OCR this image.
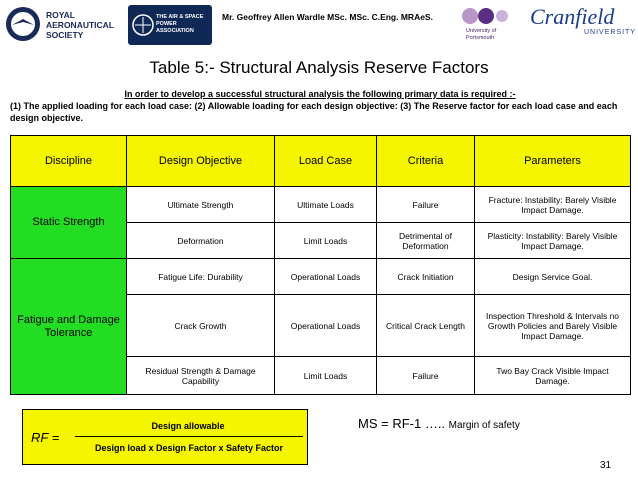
ROYAL
AERONAUTICAL
SOCIETY
THE AIR & SPACE
POWER ASSOCIATION
Mr. Geoffrey Allen Wardle MSc. MSc. C.Eng. MRAeS.
University of
Portsmouth
Cranfield
UNIVERSITY
Table 5:- Structural Analysis Reserve Factors
In order to develop a successful structural analysis the following primary data is required :-
(1) The applied loading for each load case: (2) Allowable loading for each design objective: (3) The Reserve factor for each load case and each design objective.
Discipline	Design Objective	Load Case	Criteria	Parameters
Static Strength	Ultimate Strength	Ultimate Loads	Failure	Fracture: Instability: Barely Visible Impact Damage.
	Deformation	Limit Loads	Detrimental of Deformation	Plasticity: Instability: Barely Visible Impact Damage.
Fatigue and Damage Tolerance	Fatigue Life: Durability	Operational Loads	Crack Initiation	Design Service Goal.
	Crack Growth	Operational Loads	Critical Crack Length	Inspection Threshold & Intervals no Growth Policies and Barely Visible Impact Damage.
	Residual Strength & Damage Capability	Limit Loads	Failure	Two Bay Crack Visible Impact Damage.
RF =
Design allowable
Design load x Design Factor x Safety Factor
MS = RF-1 ….. Margin of safety
31
